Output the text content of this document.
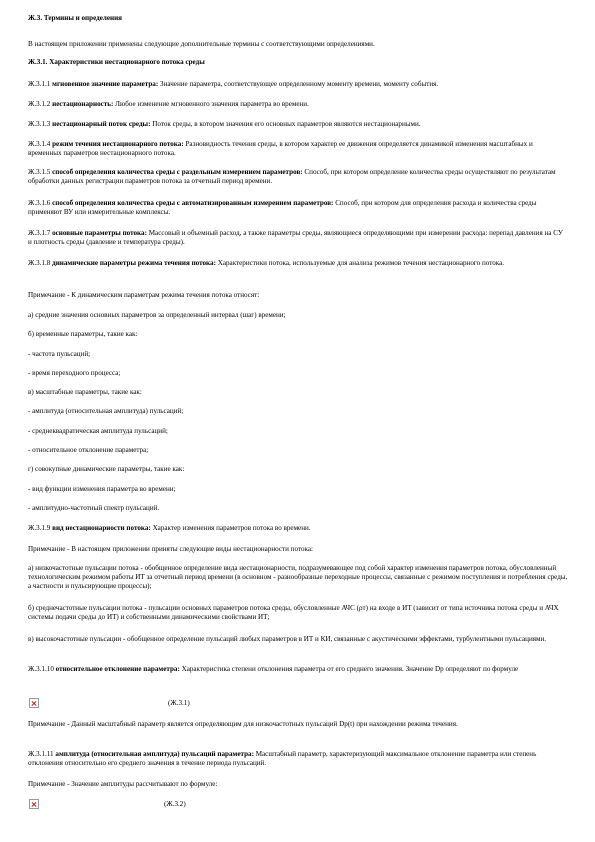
Ж.3. Термины и определения

В настоящем приложении применены следующие дополнительные термины с соответствующими определениями.

Ж.3.1. Характеристики нестационарного потока среды

Ж.3.1.1 мгновенное значение параметра: Значение параметра, соответствующее определенному моменту времени, моменту события.

Ж.3.1.2 нестационарность: Любое изменение мгновенного значения параметра во времени.

Ж.3.1.3 нестационарный поток среды: Поток среды, в котором значения его основных параметров являются нестационарными.

Ж.3.1.4 режим течения нестационарного потока: Разновидность течения среды, в котором характер ее движения определяется динамикой изменения масштабных и временных параметров нестационарного потока.

Ж.3.1.5 способ определения количества среды с раздельным измерением параметров: Способ, при котором определение количества среды осуществляют по результатам обработки данных регистрации параметров потока за отчетный период времени.

Ж.3.1.6 способ определения количества среды с автоматизированным измерением параметров: Способ, при котором для определения расхода и количества среды применяют ВУ или измерительные комплексы.

Ж.3.1.7 основные параметры потока: Массовый и объемный расход, а также параметры среды, являющиеся определяющими при измерении расхода: перепад давления на СУ и плотность среды (давление и температура среды).

Ж.3.1.8 динамические параметры режима течения потока: Характеристики потока, используемые для анализа режимов течения нестационарного потока.

Примечание - К динамическим параметрам режима течения потока относят:

а) средние значения основных параметров за определенный интервал (шаг) времени;

б) временные параметры, такие как:

- частота пульсаций;

- время переходного процесса;

в) масштабные параметры, такие как:

- амплитуда (относительная амплитуда) пульсаций;

- среднеквадратическая амплитуда пульсаций;

- относительное отклонение параметра;

г) совокупные динамические параметры, такие как:

- вид функции изменения параметра во времени;

- амплитудно-частотный спектр пульсаций.

Ж.3.1.9 вид нестационарности потока: Характер изменения параметров потока во времени.

Примечание - В настоящем приложении приняты следующие виды нестационарности потока:

а) низкочастотные пульсации потока - обобщенное определение вида нестационарности, подразумевающее под собой характер изменения параметров потока, обусловленный технологическим режимом работы ИТ за отчетный период времени (в основном - разнообразные переходные процессы, связанные с режимом поступления и потребления среды, а частности и пульсирующие процессы);

б) среднечастотные пульсации потока - пульсации основных параметров потока среды, обусловленные АЧС (ρт) на входе в ИТ (зависит от типа источника потока среды и АЧХ системы подачи среды до ИТ) и собственными динамическими свойствами ИТ;

в) высокочастотные пульсации - обобщенное определение пульсаций любых параметров в ИТ и КИ, связанные с акустическими эффектами, турбулентными пульсациями.

Ж.3.1.10 относительное отклонение параметра: Характеристика степени отклонения параметра от его среднего значения. Значение Dp определяют по формуле

(Ж.3.1)

Примечание - Данный масштабный параметр является определяющим для низкочастотных пульсаций Dp(t) при нахождении режима течения.

Ж.3.1.11 амплитуда (относительная амплитуда) пульсаций параметра: Масштабный параметр, характеризующий максимальное отклонение параметра или степень отклонения относительно его среднего значения в течение периода пульсаций.

Примечание - Значение амплитуды рассчитывают по формуле:

(Ж.3.2)
